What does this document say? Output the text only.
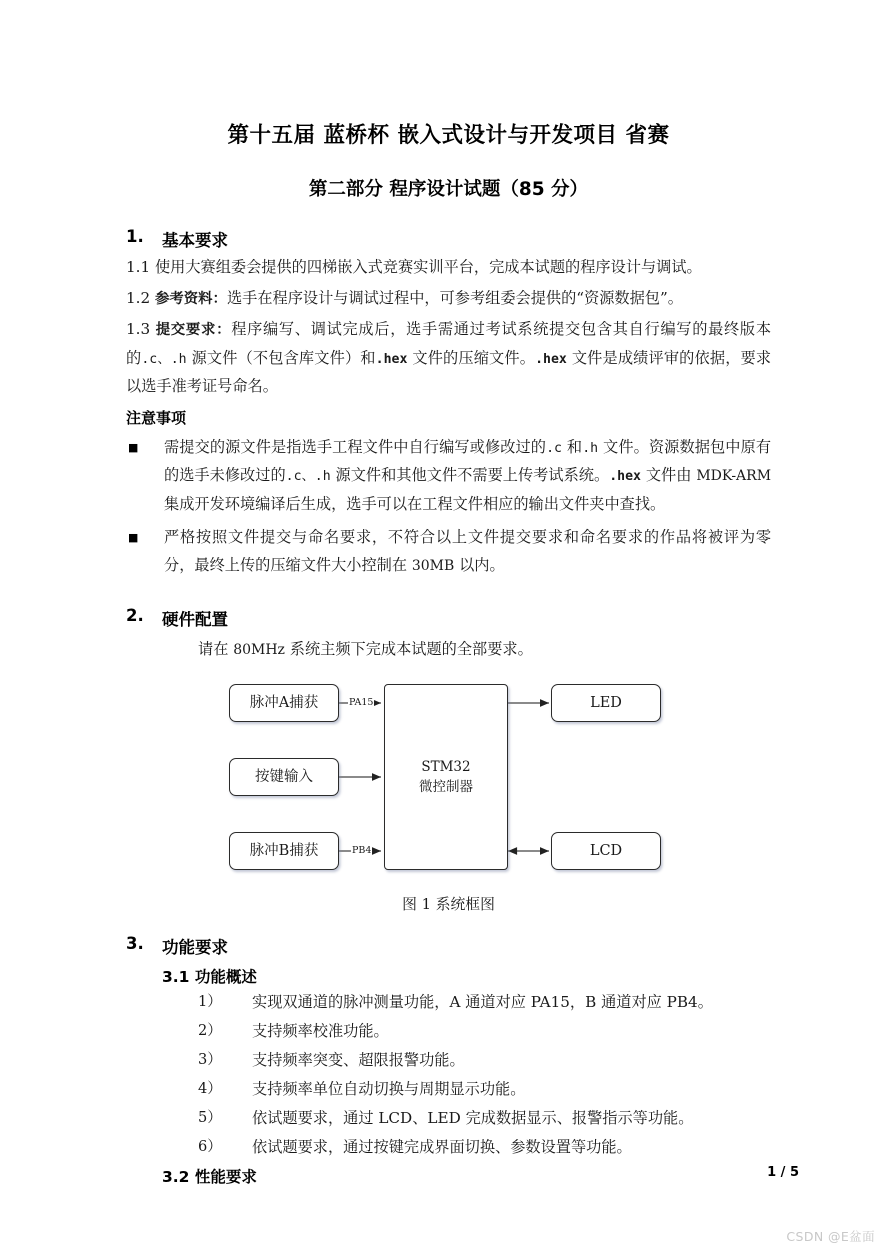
第十五届 蓝桥杯 嵌入式设计与开发项目 省赛
第二部分 程序设计试题（85 分）
1.	基本要求
1.1 使用大赛组委会提供的四梯嵌入式竞赛实训平台，完成本试题的程序设计与调试。
1.2 参考资料：选手在程序设计与调试过程中，可参考组委会提供的“资源数据包”。
1.3 提交要求：程序编写、调试完成后，选手需通过考试系统提交包含其自行编写的最终版本的.c、.h 源文件（不包含库文件）和.hex 文件的压缩文件。.hex 文件是成绩评审的依据，要求以选手准考证号命名。
注意事项
■	需提交的源文件是指选手工程文件中自行编写或修改过的.c 和.h 文件。资源数据包中原有的选手未修改过的.c、.h 源文件和其他文件不需要上传考试系统。.hex 文件由 MDK-ARM 集成开发环境编译后生成，选手可以在工程文件相应的输出文件夹中查找。
■	严格按照文件提交与命名要求，不符合以上文件提交要求和命名要求的作品将被评为零分，最终上传的压缩文件大小控制在 30MB 以内。
2.	硬件配置
请在 80MHz 系统主频下完成本试题的全部要求。
脉冲A捕获
按键输入
脉冲B捕获
STM32
微控制器
LED
LCD
PA15
PB4
图 1 系统框图
3.	功能要求
3.1 功能概述
1）	实现双通道的脉冲测量功能，A 通道对应 PA15，B 通道对应 PB4。
2）	支持频率校准功能。
3）	支持频率突变、超限报警功能。
4）	支持频率单位自动切换与周期显示功能。
5）	依试题要求，通过 LCD、LED 完成数据显示、报警指示等功能。
6）	依试题要求，通过按键完成界面切换、参数设置等功能。
3.2 性能要求	1 / 5
CSDN @E盆面
